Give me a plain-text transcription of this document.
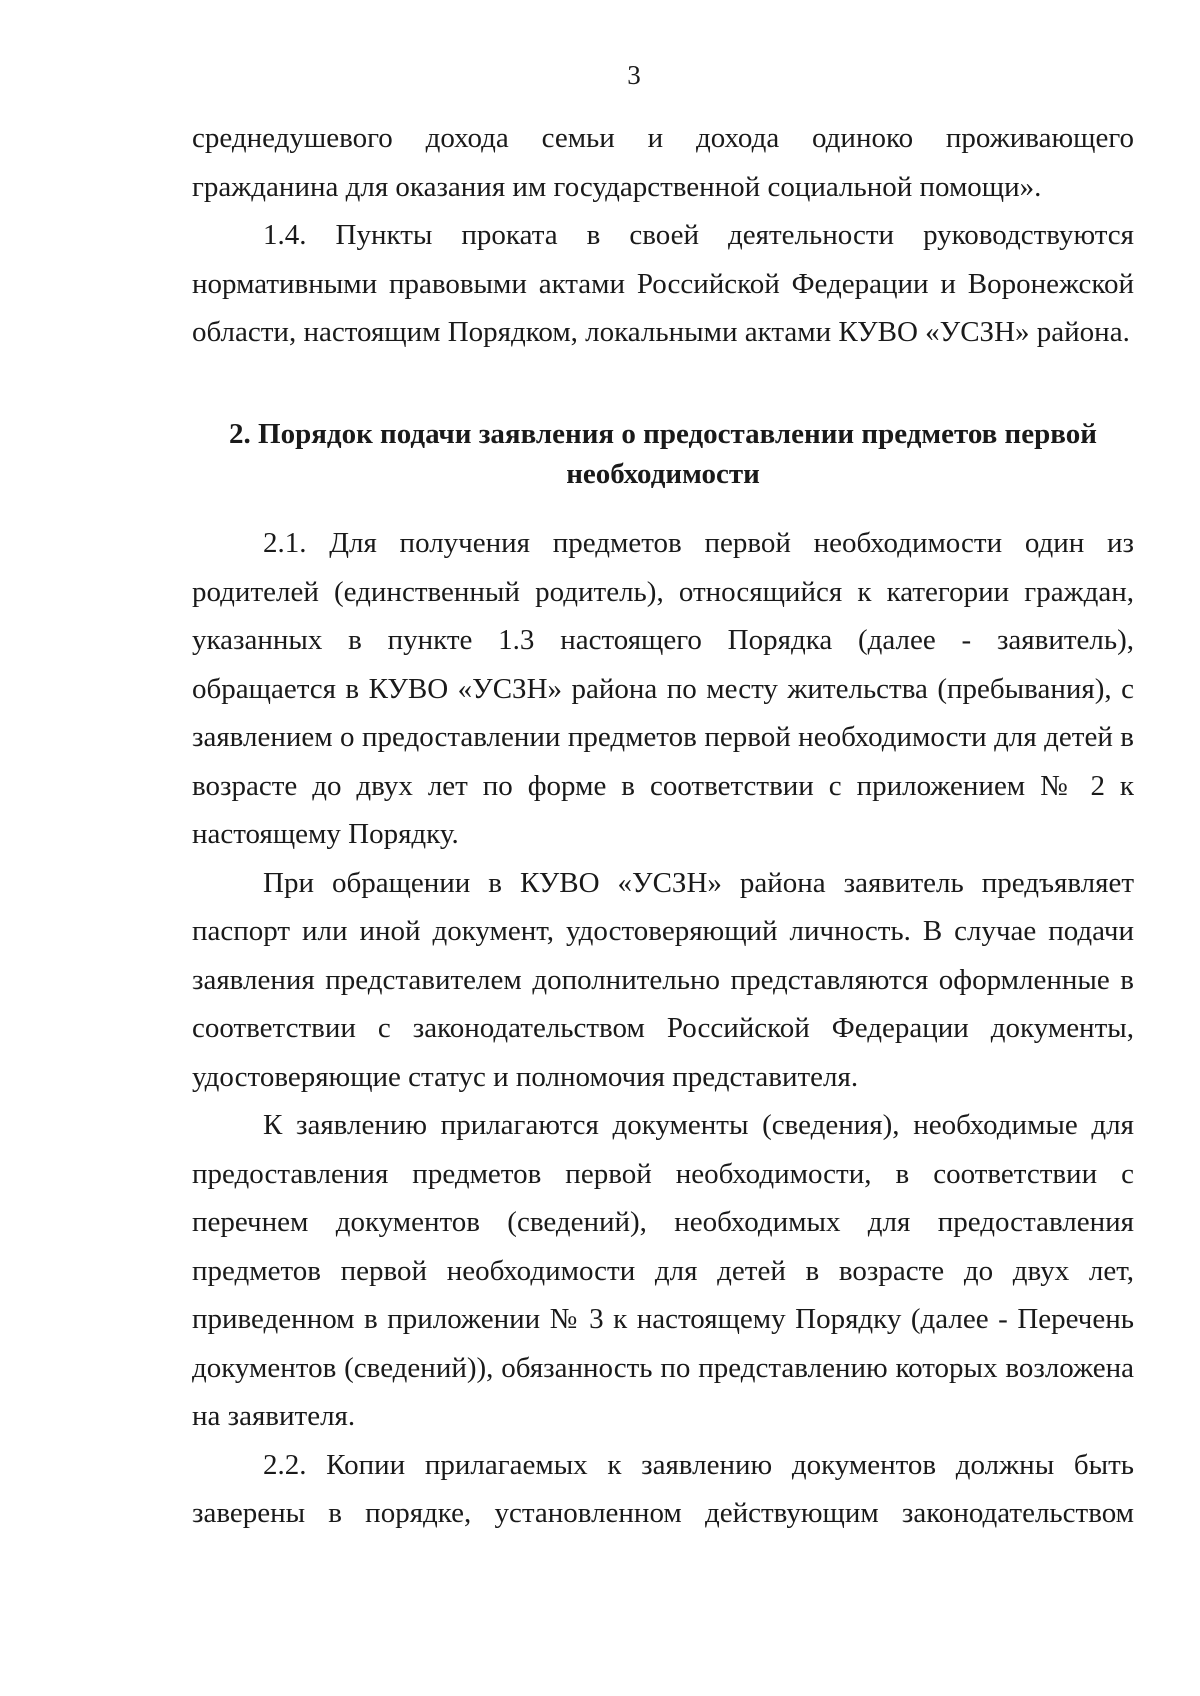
3

среднедушевого дохода семьи и дохода одиноко проживающего гражданина для оказания им государственной социальной помощи».

1.4. Пункты проката в своей деятельности руководствуются нормативными правовыми актами Российской Федерации и Воронежской области, настоящим Порядком, локальными актами КУВО «УСЗН» района.

2. Порядок подачи заявления о предоставлении предметов первой
необходимости

2.1. Для получения предметов первой необходимости один из родителей (единственный родитель), относящийся к категории граждан, указанных в пункте 1.3 настоящего Порядка (далее - заявитель), обращается в КУВО «УСЗН» района по месту жительства (пребывания), с заявлением о предоставлении предметов первой необходимости для детей в возрасте до двух лет по форме в соответствии с приложением № 2 к настоящему Порядку.

При обращении в КУВО «УСЗН» района заявитель предъявляет паспорт или иной документ, удостоверяющий личность. В случае подачи заявления представителем дополнительно представляются оформленные в соответствии с законодательством Российской Федерации документы, удостоверяющие статус и полномочия представителя.

К заявлению прилагаются документы (сведения), необходимые для предоставления предметов первой необходимости, в соответствии с перечнем документов (сведений), необходимых для предоставления предметов первой необходимости для детей в возрасте до двух лет, приведенном в приложении № 3 к настоящему Порядку (далее - Перечень документов (сведений)), обязанность по представлению которых возложена на заявителя.

2.2. Копии прилагаемых к заявлению документов должны быть заверены в порядке, установленном действующим законодательством
